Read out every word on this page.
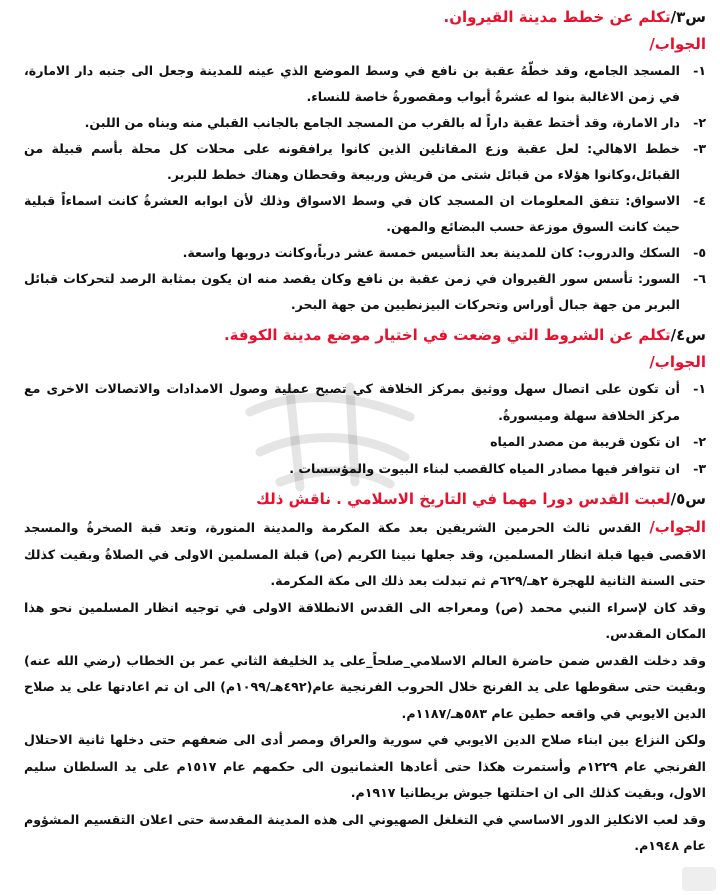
س٣/تكلم عن خطط مدينة القيروان.
الجواب/

١-
المسجد الجامع، وقد خطّهُ عقبة بن نافع في وسط الموضع الذي عينه للمدينة وجعل الى جنبه دار الامارة، في زمن الاغالبة بنوا له عشرةُ أبواب ومقصورةُ خاصة للنساء.

٢-
دار الامارة، وقد أختط عقبة داراً له بالقرب من المسجد الجامع بالجانب القبلي منه وبناه من اللبن.

٣-
خطط الاهالي: لعل عقبة وزع المقاتلين الذين كانوا يرافقونه على محلات كل محلة بأسم قبيلة من القبائل،وكانوا هؤلاء من قبائل شتى من قريش وربيعة وقحطان وهناك خطط للبربر.

٤-
الاسواق: تتفق المعلومات ان المسجد كان في وسط الاسواق وذلك لأن ابوابه العشرةُ كانت اسماءاً قبلية حيث كانت السوق موزعة حسب البضائع والمهن.

٥-
السكك والدروب: كان للمدينة بعد التأسيس خمسة عشر درباً،وكانت دروبها واسعة.

٦-
السور: تأسس سور القيروان في زمن عقبة بن نافع وكان يقصد منه ان يكون بمثابة الرصد لتحركات قبائل البربر من جهة جبال أوراس وتحركات البيزنطيين من جهة البحر.

س٤/تكلم عن الشروط التي وضعت في اختيار موضع مدينة الكوفة.
الجواب/

١-
أن تكون على اتصال سهل ووثيق بمركز الخلافة كي تصبح عملية وصول الامدادات والاتصالات الاخرى مع مركز الخلافة سهلة وميسورةُ.

٢-
ان تكون قريبة من مصدر المياه

٣-
ان تتوافر فيها مصادر المياه كالقصب لبناء البيوت والمؤسسات .

س٥/لعبت القدس دورا مهما في التاريخ الاسلامي . ناقش ذلك

الجواب/ القدس ثالث الحرمين الشريفين بعد مكة المكرمة والمدينة المنورة، وتعد قبة الصخرةُ والمسجد الاقصى فيها قبلة انظار المسلمين، وقد جعلها نبينا الكريم (ص) قبلة المسلمين الاولى في الصلاةُ وبقيت كذلك حتى السنة الثانية للهجرة ٢هـ/٦٢٩م ثم تبدلت بعد ذلك الى مكة المكرمة.

وقد كان لإسراء النبي محمد (ص) ومعراجه الى القدس الانطلاقة الاولى في توجيه انظار المسلمين نحو هذا المكان المقدس.

وقد دخلت القدس ضمن حاضرة العالم الاسلامي_صلحاً_على يد الخليفة الثاني عمر بن الخطاب (رضي الله عنه) وبقيت حتى سقوطها على يد الفرنج خلال الحروب الفرنجية عام(٤٩٢هـ/١٠٩٩م) الى ان تم اعادتها على يد صلاح الدين الايوبي في واقعه حطين عام ٥٨٣هـ/١١٨٧م.

ولكن النزاع بين ابناء صلاح الدين الايوبي في سورية والعراق ومصر أدى الى ضعفهم حتى دخلها ثانية الاحتلال الفرنجي عام ١٢٢٩م وأستمرت هكذا حتى أعادها العثمانيون الى حكمهم عام ١٥١٧م على يد السلطان سليم الاول، وبقيت كذلك الى ان احتلتها جيوش بريطانيا ١٩١٧م.

وقد لعب الانكليز الدور الاساسي في التغلغل الصهيوني الى هذه المدينة المقدسة حتى اعلان التقسيم المشؤوم عام ١٩٤٨م.
